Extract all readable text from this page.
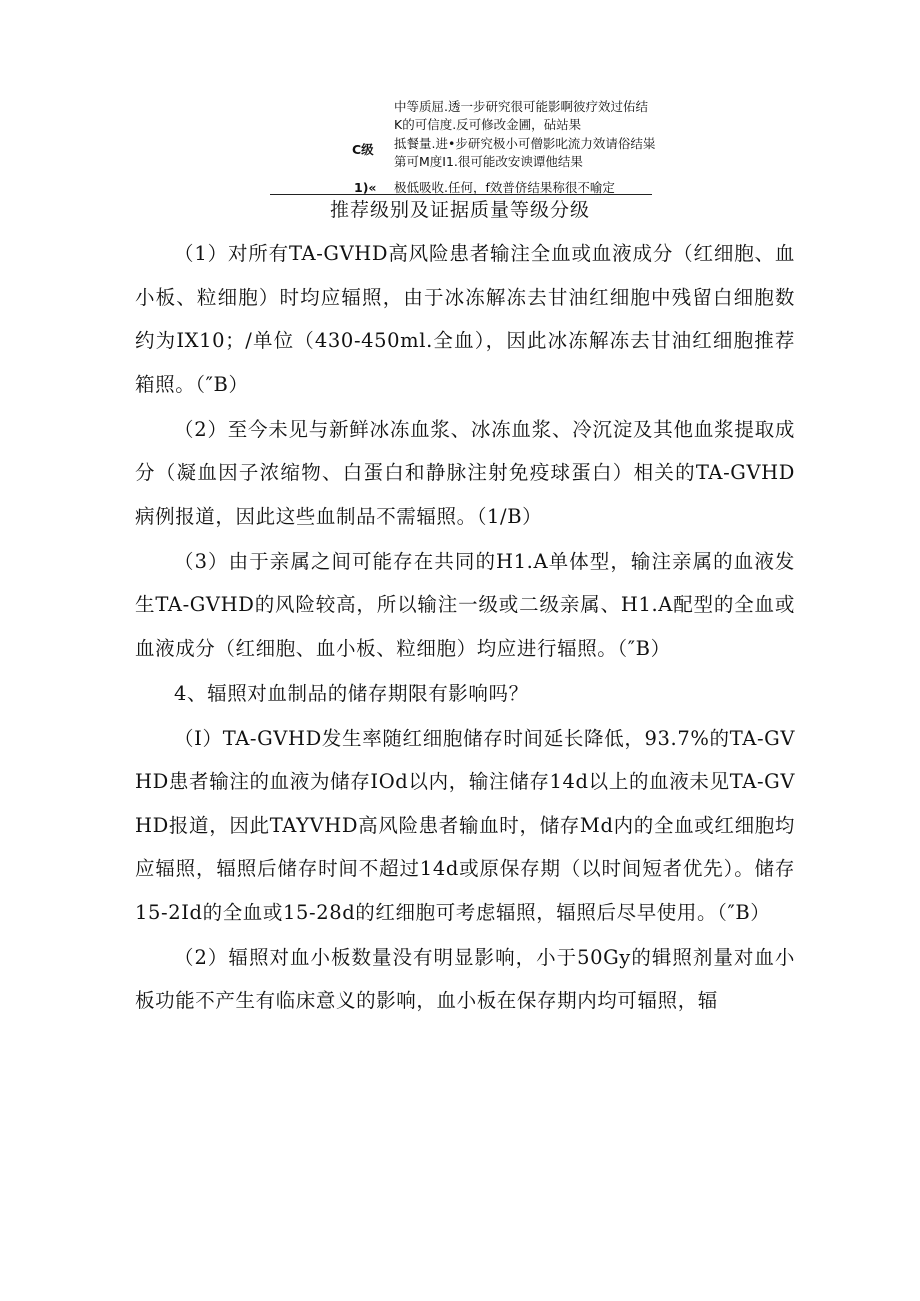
中等质屈.透一步研究很可能影啊彼疗效过佑结
K的可信度.反可修改金圃，砧站果
C级 抵餐量.进•步研究极小可僧影叱流力效请俗结粜
第可M度I1.很可能改安谀谭他结果
1)« 极低吸收.任何，f效普侪结果称很不喻定
推荐级别及证据质量等级分级

（1）对所有TA-GVHD高风险患者输注全血或血液成分（红细胞、血小板、粒细胞）时均应辐照，由于冰冻解冻去甘油红细胞中残留白细胞数约为IX10；/单位（430-450ml.全血），因此冰冻解冻去甘油红细胞推荐箱照。（″B）

（2）至今未见与新鲜冰冻血浆、冰冻血浆、冷沉淀及其他血浆提取成分（凝血因子浓缩物、白蛋白和静脉注射免疫球蛋白）相关的TA-GVHD病例报道，因此这些血制品不需辐照。（1/B）

（3）由于亲属之间可能存在共同的H1.A单体型，输注亲属的血液发生TA-GVHD的风险较高，所以输注一级或二级亲属、H1.A配型的全血或血液成分（红细胞、血小板、粒细胞）均应进行辐照。（″B）

4、辐照对血制品的储存期限有影响吗？

（I）TA-GVHD发生率随红细胞储存时间延长降低，93.7%的TA-GVHD患者输注的血液为储存IOd以内，输注储存14d以上的血液未见TA-GVHD报道，因此TAYVHD高风险患者输血时，储存Md内的全血或红细胞均应辐照，辐照后储存时间不超过14d或原保存期（以时间短者优先）。储存15-2Id的全血或15-28d的红细胞可考虑辐照，辐照后尽早使用。（″B）

（2）辐照对血小板数量没有明显影响，小于50Gy的辑照剂量对血小板功能不产生有临床意义的影响，血小板在保存期内均可辐照，辐
